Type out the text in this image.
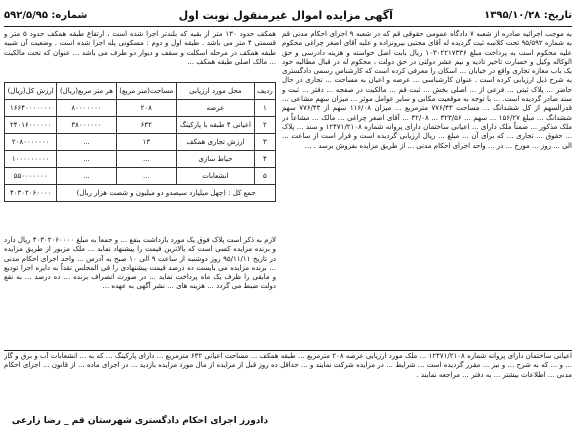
تاریخ: ۱۳۹۵/۱۰/۲۸
آگهی مزایده اموال غیرمنقول نوبت اول
شماره: ۵۹۲/۵/۹۵
به موجب اجرائیه صادره از شعبه ۷ دادگاه عمومی حقوقی قم که در شعبه ۹ اجرای احکام مدنی قم به شماره ۹۵/۵۹۲ تحت کلاسه ثبت گردیده له آقای مجتبی بیرونزاده و علیه آقای اصغر چراغی محکوم علیه محکوم است به پرداخت مبلغ ۱۰۳۰۲۲۱۷۳۳۶ ریال بابت اصل خواسته و هزینه دادرسی و حق الوکاله وکیل و خسارت تاخیر تادیه و نیم عشر دولتی در حق دولت ، محکوم له در قبال مطالبه خود یک باب مغازه تجاری واقع در خیابان ... اسکان را معرفی کرده است که کارشناس رسمی دادگستری به شرح ذیل ارزیابی کرده است . عنوان کارشناسی ... عرصه و اعیان به مساحت ... تجاری در حال حاضر ... پلاک ثبتی ... فرعی از ... اصلی بخش ... ثبت قم ... مالکیت در صفحه ... دفتر ... ثبت و سند صادر گردیده است. ... با توجه به موقعیت مکانی و سایر عوامل موثر ... میزان سهم مشاعی ... قدرالسهم از کل ششدانگ ... مساحت ۷۷۶/۴۳ مترمربع ... میزان ۱۱۶/۰۸ سهم از ۷۷۶/۴۳ سهم ششدانگ ... مبلغ ۱۵۶/۲۷ ... سهم ... ۳۲۳/۵۶ ... ۴۲/۰۸ ... آقای اصغر چراغی ... مالک ... مشاعاً در ملک مذکور ... ضمناً ملک دارای ... اعیانی ساختمان دارای پروانه شماره ۱۲۴۷۱/۲۱۰۸ و سند ... پلاک ... حقوق ... تجاری ... که برای آن ... مبلغ ... ریال ارزیابی گردیده است و قرار است از ساعت ... الی ... روز ... مورخ ... در ... واحد اجرای احکام مدنی ... از طریق مزایده بفروش برسد . ...
همکف حدود ۱۳۰ متر از بقیه که بلندتر اجرا شده است ، ارتفاع طبقه همکف حدود ۵ متر و قسمتی ۴ متر می باشد . طبقه اول و دوم : مسکونی پله اجرا شده است . وضعیت آن شبیه طبقه همکف در مرحله اسکلت و سقف و دیوار دو طرف می باشد ... عنوان که تحت مالکیت ... مالک اصلی طبقه همکف ...
ردیف	محل مورد ارزیابی	مساحت(متر مربع)	هر متر مربع(ریال)	ارزش کل(ریال)
۱	عرصه	۲۰۸	۸۰۰۰۰۰۰۰	۱۶۶۴۰۰۰۰۰۰۰
۲	اعیانی ۴ طبقه با پارکینگ	۶۳۲	۳۸۰۰۰۰۰۰	۲۴۰۱۶۰۰۰۰۰۰
۳	ارزش تجاری همکف	۱۳	...	۲۰۸۰۰۰۰۰۰۰
۴	حیاط سازی	...	...	۱۰۰۰۰۰۰۰۰۰
۵	انشعابات	...	...	۵۵۰۰۰۰۰۰۰
جمع کل : (چهل میلیارد سیصدو دو میلیون و شصت هزار ریال)				۴۰۳۰۲۰۶۰۰۰۰
لازم به ذکر است پلاک فوق یک مورد بازداشت بنفع ... و جمعاً به مبلغ ۴۰۳۰۲۰۶۰۰۰۰ ریال دارد و برنده مزایده کسی است که بالاترین قیمت را پیشنهاد نماید ... ملک مزبور از طریق مزایده در تاریخ ۹۵/۱۱/۱۱ روز دوشنبه از ساعت ۹ الی ۱۰ صبح به آدرس ... واحد اجرای احکام مدنی ... برنده مزایده می بایست ده درصد قیمت پیشنهادی را فی المجلس نقداً به دایره اجرا تودیع و مابقی را ظرف یک ماه پرداخت نماید ... در صورت انصراف برنده ... ده درصد ... به نفع دولت ضبط می گردد ... هزینه های ... نشر آگهی به عهده ...
اعیانی ساختمان دارای پروانه شماره ۱۲۴۷۱/۲۱۰۸ ... ملک مورد ارزیابی عرصه ۲۰۸ مترمربع ... طبقه همکف ... مساحت اعیانی ۶۳۲ مترمربع ... دارای پارکینگ ... که به ... انشعابات آب و برق و گاز ... و ... که به شرح ... و نیز ... مقرر گردیده است ... شرایط ... در مزایده شرکت نمایند و ... حداقل ده روز قبل از مزایده از مال مورد مزایده بازدید ... در اجرای ماده ... از قانون ... اجرای احکام مدنی ... اطلاعات بیشتر ... به دفتر ... مراجعه نمایند .
دادورز اجرای احکام دادگستری شهرستان قم _ رضا زارعی
